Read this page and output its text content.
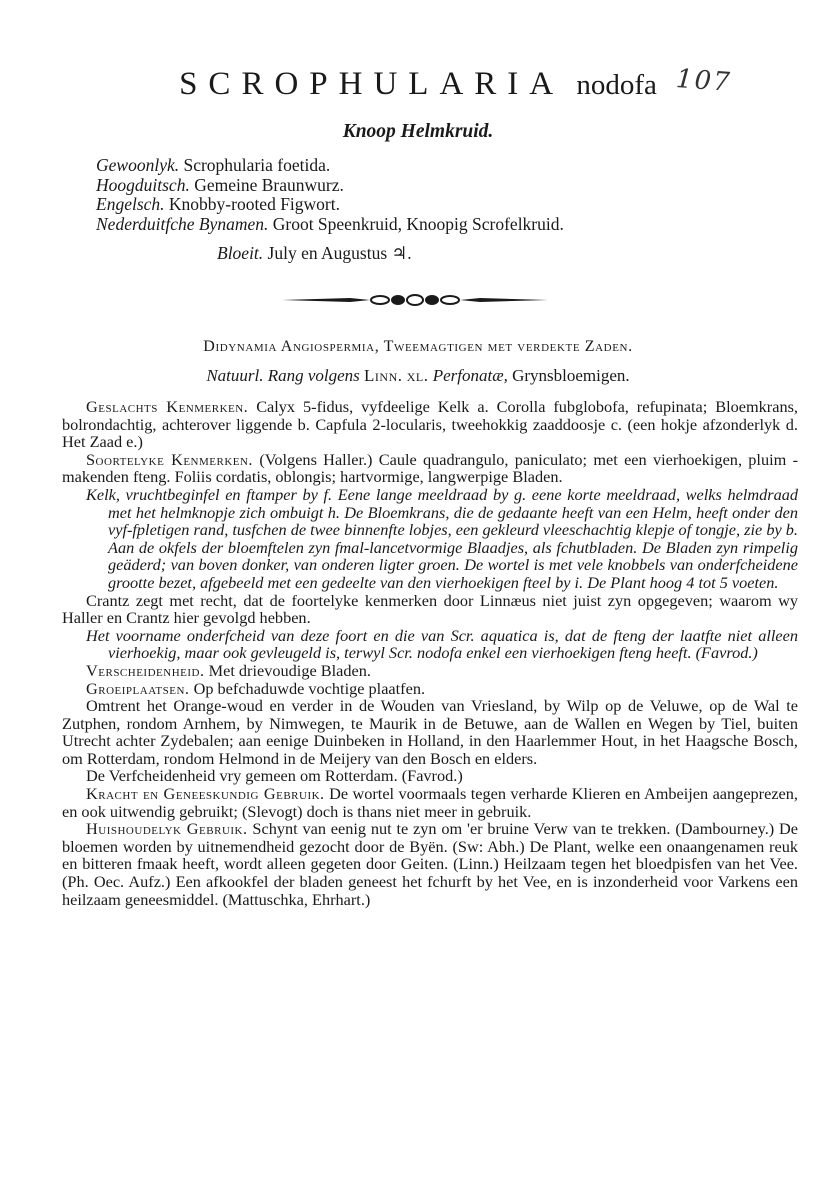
SCROPHULARIA nodofa 107
Knoop Helmkruid.
Gewoonlyk. Scrophularia foetida.
Hoogduitsch. Gemeine Braunwurz.
Engelsch. Knobby-rooted Figwort.
Nederduitfche Bynamen. Groot Speenkruid, Knoopig Scrofelkruid.
Bloeit. July en Augustus ♃.
Didynamia Angiospermia, Tweemagtigen met verdekte Zaden.
Natuurl. Rang volgens Linn. xl. Perfonatæ, Grynsbloemigen.

Geslachts Kenmerken. Calyx 5-fidus, vyfdeelige Kelk a. Corolla fubglobofa, refupinata; Bloemkrans, bolrondachtig, achterover liggende b. Capfula 2-locularis, tweehokkig zaaddoosje c. (een hokje afzonderlyk d. Het Zaad e.)

Soortelyke Kenmerken. (Volgens Haller.) Caule quadrangulo, paniculato; met een vierhoekigen, pluim - makenden fteng. Foliis cordatis, oblongis; hartvormige, langwerpige Bladen.

Kelk, vruchtbeginfel en ftamper by f. Eene lange meeldraad by g. eene korte meeldraad, welks helmdraad met het helmknopje zich ombuigt h. De Bloemkrans, die de gedaante heeft van een Helm, heeft onder den vyf-fpletigen rand, tusfchen de twee binnenfte lobjes, een gekleurd vleeschachtig klepje of tongje, zie by b. Aan de okfels der bloemftelen zyn fmal-lancetvormige Blaadjes, als fchutbladen. De Bladen zyn rimpelig geäderd; van boven donker, van onderen ligter groen. De wortel is met vele knobbels van onderfcheidene grootte bezet, afgebeeld met een gedeelte van den vierhoekigen fteel by i. De Plant hoog 4 tot 5 voeten.

Crantz zegt met recht, dat de foortelyke kenmerken door Linnæus niet juist zyn opgegeven; waarom wy Haller en Crantz hier gevolgd hebben.

Het voorname onderfcheid van deze foort en die van Scr. aquatica is, dat de fteng der laatfte niet alleen vierhoekig, maar ook gevleugeld is, terwyl Scr. nodofa enkel een vierhoekigen fteng heeft. (Favrod.)

Verscheidenheid. Met drievoudige Bladen.

Groeiplaatsen. Op befchaduwde vochtige plaatfen.

Omtrent het Orange-woud en verder in de Wouden van Vriesland, by Wilp op de Veluwe, op de Wal te Zutphen, rondom Arnhem, by Nimwegen, te Maurik in de Betuwe, aan de Wallen en Wegen by Tiel, buiten Utrecht achter Zydebalen; aan eenige Duinbeken in Holland, in den Haarlemmer Hout, in het Haagsche Bosch, om Rotterdam, rondom Helmond in de Meijery van den Bosch en elders.

De Verfcheidenheid vry gemeen om Rotterdam. (Favrod.)

Kracht en Geneeskundig Gebruik. De wortel voormaals tegen verharde Klieren en Ambeijen aangeprezen, en ook uitwendig gebruikt; (Slevogt) doch is thans niet meer in gebruik.

Huishoudelyk Gebruik. Schynt van eenig nut te zyn om 'er bruine Verw van te trekken. (Dambourney.) De bloemen worden by uitnemendheid gezocht door de Byën. (Sw: Abh.) De Plant, welke een onaangenamen reuk en bitteren fmaak heeft, wordt alleen gegeten door Geiten. (Linn.) Heilzaam tegen het bloedpisfen van het Vee. (Ph. Oec. Aufz.) Een afkookfel der bladen geneest het fchurft by het Vee, en is inzonderheid voor Varkens een heilzaam geneesmiddel. (Mattuschka, Ehrhart.)
